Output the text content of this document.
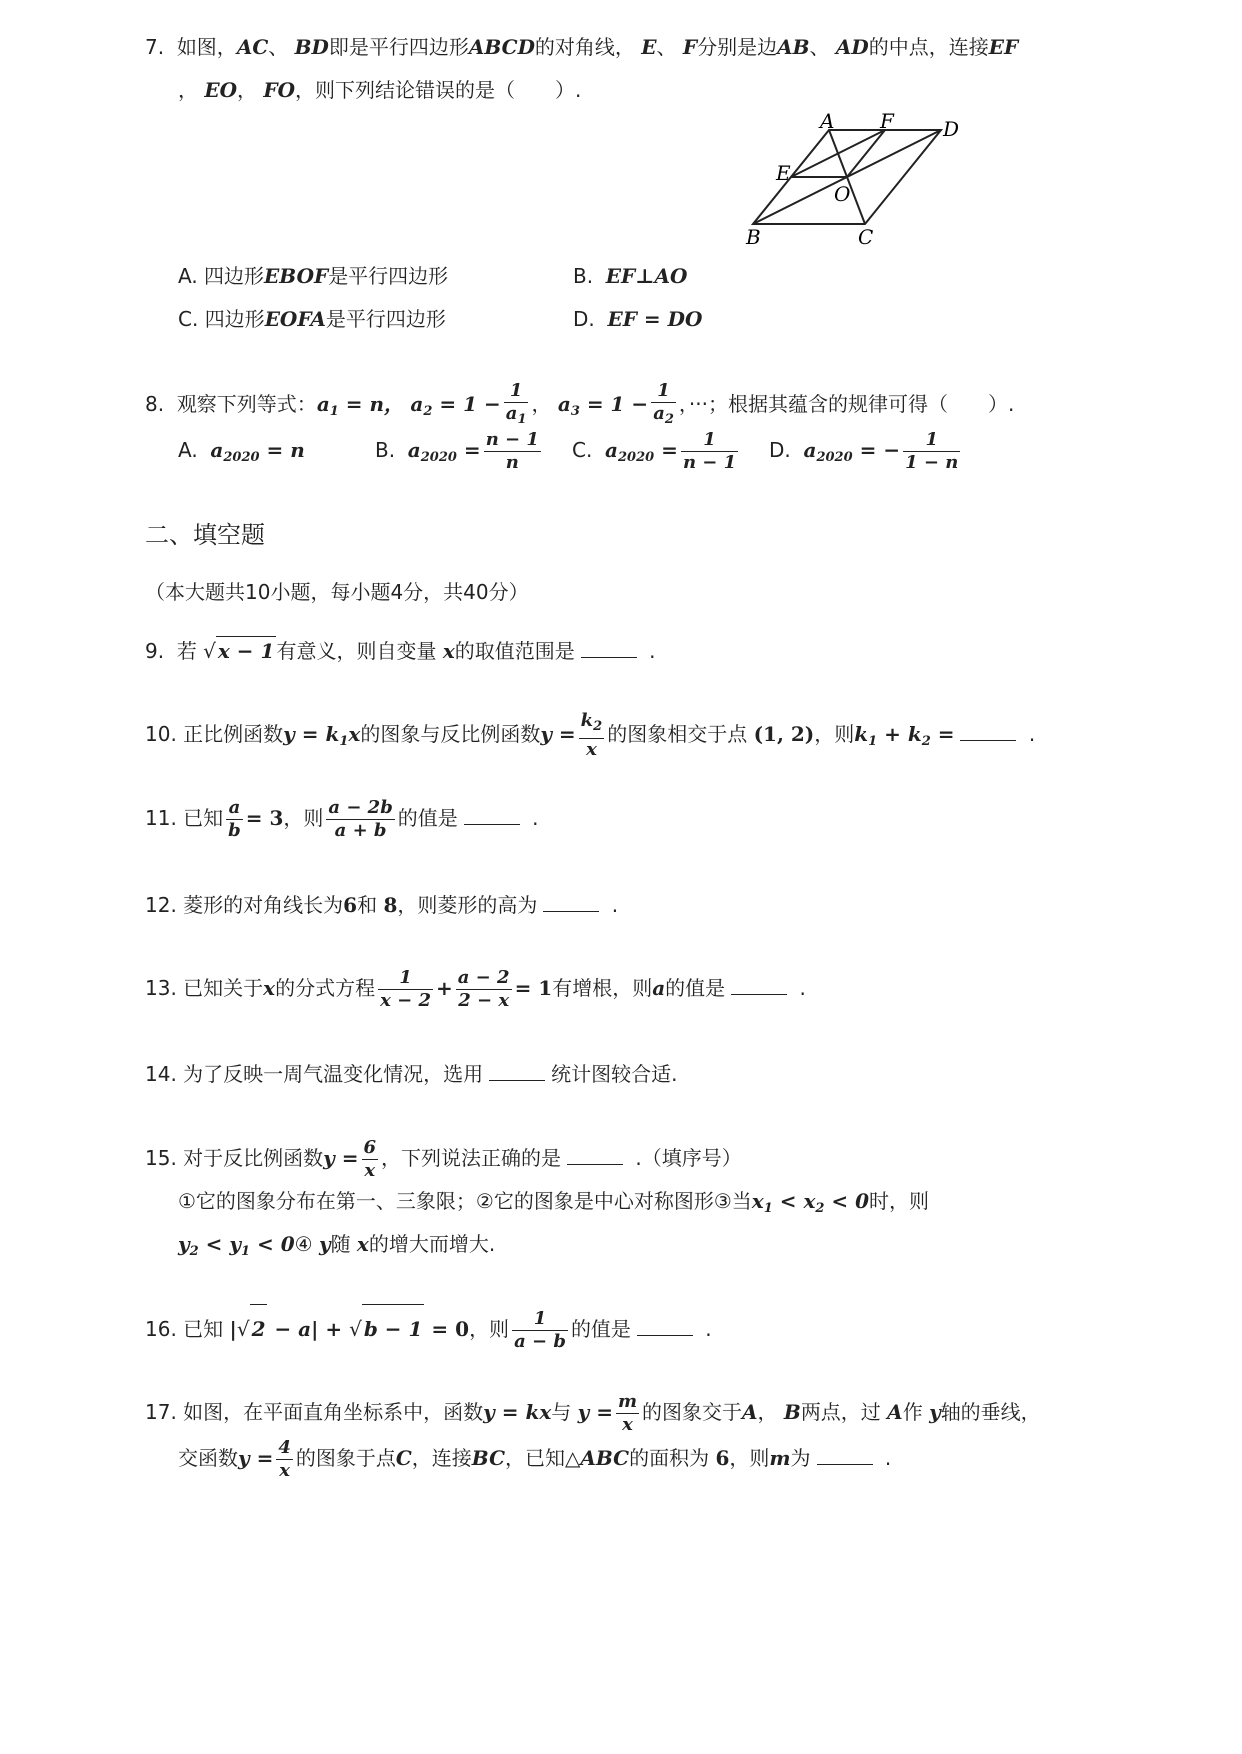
7. 如图，AC、 BD即是平行四边形ABCD的对角线， E、 F分别是边AB、 AD的中点，连接EF
， EO， FO，则下列结论错误的是（　　）.
A F D
E
O
B	C
A. 四边形EBOF是平行四边形	B. EF⊥AO
C. 四边形EOFA是平行四边形	D. EF = DO
8. 观察下列等式：$a_1 = n$， $a_2 = 1 - \frac{1}{a_1}$ ， $a_3 = 1 - \frac{1}{a_2}$ ，···；根据其蕴含的规律可得（　　）.
A. $a_{2020} = n$	B. $a_{2020} = \frac{n - 1}{n} C$. $a_{2020} = \frac{1}{n - 1} D$. $a_{2020}$ = − $\frac{1}{1 - n}$
二、填空题
（本大题共10小题，每小题4分，共40分）
9. 若 √ x − 1 有意义，则自变量 x的取值范围是	.
10. 正比例函数$y = k_1x$的图象与反比例函数$y = \frac{k_2}{x}$ 的图象相交于点 (1, 2)，则$k_1 + k_2$ =	.
11. 已知 $\frac{a}{b} = 3$，则 $\frac{a - 2b}{a + b}$ 的值是	.
12. 菱形的对角线长为6和 8，则菱形的高为	.
13. 已知关于x的分式方程 $\frac{1}{x - 2} + \frac{a - 2}{2 - x} = 1$有增根，则a的值是	.
14. 为了反映一周气温变化情况，选用	统计图较合适.
15. 对于反比例函数$y = \frac{6}{x}$ ，下列说法正确的是	.（填序号）
①它的图象分布在第一、三象限；②它的图象是中心对称图形③当$x_1 < x_2 < 0$时，则
$y_2 < y_1$ < 0④ y随 x的增大而增大.
16. 已知 |√ 2 − a| + √ b − 1 = 0，则 $\frac{1}{a - b}$ 的值是	.
17. 如图，在平面直角坐标系中，函数y = kx与 $y = \frac{m}{x}$ 的图象交于A， B两点，过 A作 y轴的垂线，
交函数$y = \frac{4}{x}$ 的图象于点C，连接BC，已知△ABC的面积为 6，则m为	.
